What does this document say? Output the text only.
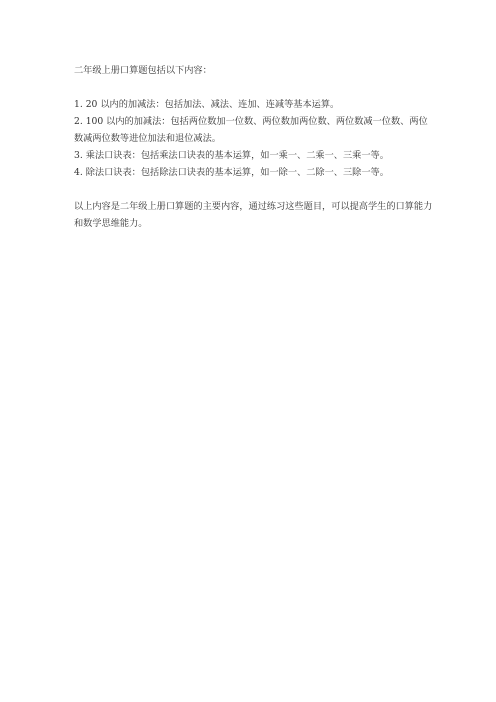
二年级上册口算题包括以下内容：

1. 20 以内的加减法：包括加法、减法、连加、连减等基本运算。
2. 100 以内的加减法：包括两位数加一位数、两位数加两位数、两位数减一位数、两位数减两位数等进位加法和退位减法。
3. 乘法口诀表：包括乘法口诀表的基本运算，如一乘一、二乘一、三乘一等。
4. 除法口诀表：包括除法口诀表的基本运算，如一除一、二除一、三除一等。

以上内容是二年级上册口算题的主要内容，通过练习这些题目，可以提高学生的口算能力和数学思维能力。
